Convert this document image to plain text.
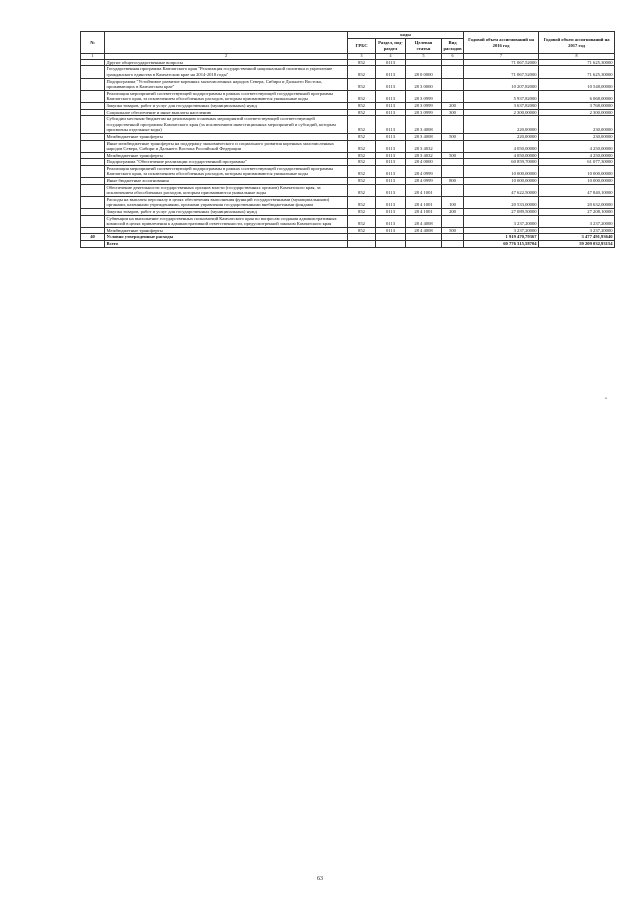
№		коды				Годовой объем ассигнований на 2016 год	Годовой объем ассигнований на 2017 год
		ГРБС	Раздел, под-раздел	Целевая статья	Вид расходов		
1	2	3	4	5	6	7	8
	Другие общегосударственные вопросы	852	0113			71 067,52000	71 625,30000
	Государственная программа Камчатского края "Реализация государственной национальной политики и укрепление гражданского единства в Камчатском крае на 2014-2018 годы"	852	0113	28 0 0000		71 067,52000	71 625,30000
	Подпрограмма "Устойчивое развитие коренных малочисленных народов Севера, Сибири и Дальнего Востока, проживающих в Камчатском крае"	852	0113	28 3 0000		10 207,82000	10 548,00000
	Реализация мероприятий соответствующей подпрограммы в рамках соответствующей государственной программы Камчатского края, за исключением обособленных расходов, которым присваиваются уникальные коды	852	0113	28 3 0999		5 937,82000	6 068,00000
	Закупка товаров, работ и услуг для государственных (муниципальных) нужд	852	0113	28 3 0999	200	3 637,82000	3 768,00000
	Социальное обеспечение и иные выплаты населению	852	0113	28 3 0999	300	2 300,00000	2 300,00000
	Субсидии местным бюджетам на реализацию основных мероприятий соответствующей соответствующей государственной программы Камчатского края (за исключением инвестиционных мероприятий и субсидий, которым присвоены отдельные коды)	852	0113	28 3 4008		220,00000	230,00000
	Межбюджетные трансферты	852	0113	28 3 4008	500	220,00000	230,00000
	Иные межбюджетные трансферты на поддержку экономического и социального развития коренных малочисленных народов Севера, Сибири и Дальнего Востока Российской Федерации	852	0113	28 3 4032		4 050,00000	4 250,00000
	Межбюджетные трансферты	852	0113	28 3 4032	500	4 050,00000	4 250,00000
	Подпрограмма "Обеспечение реализации государственной программы"	852	0113	28 4 0000		60 859,70000	61 077,30000
	Реализация мероприятий соответствующей подпрограммы в рамках соответствующей государственной программы Камчатского края, за исключением обособленных расходов, которым присваиваются уникальные коды	852	0113	28 4 0999		10 000,00000	10 000,00000
	Иные бюджетные ассигнования	852	0113	28 4 0999	800	10 000,00000	10 000,00000
	Обеспечение деятельности государственных органов власти (государственных органов) Камчатского края, за исключением обособленных расходов, которым присваиваются уникальные коды	852	0113	28 4 1001		47 622,50000	47 840,10000
	Расходы на выплаты персоналу в целях обеспечения выполнения функций государственными (муниципальными) органами, казенными учреждениями, органами управления государственными внебюджетными фондами	852	0113	28 4 1001	100	20 533,00000	20 632,00000
	Закупка товаров, работ и услуг для государственных (муниципальных) нужд	852	0113	28 4 1001	200	27 089,50000	27 208,10000
	Субвенции на выполнение государственных полномочий Камчатского края по вопросам создания административных комиссий в целях привлечения к административной ответственности, предусмотренной законом Камчатского края	852	0113	28 4 4008		3 237,20000	3 237,20000
	Межбюджетные трансферты	852	0113	28 4 4008	500	3 237,20000	3 237,20000
40	Условно утвержденные расходы					1 919 470,79367	3 477 491,93640
	Всего					60 776 315,58704	59 209 032,93154
»
63
